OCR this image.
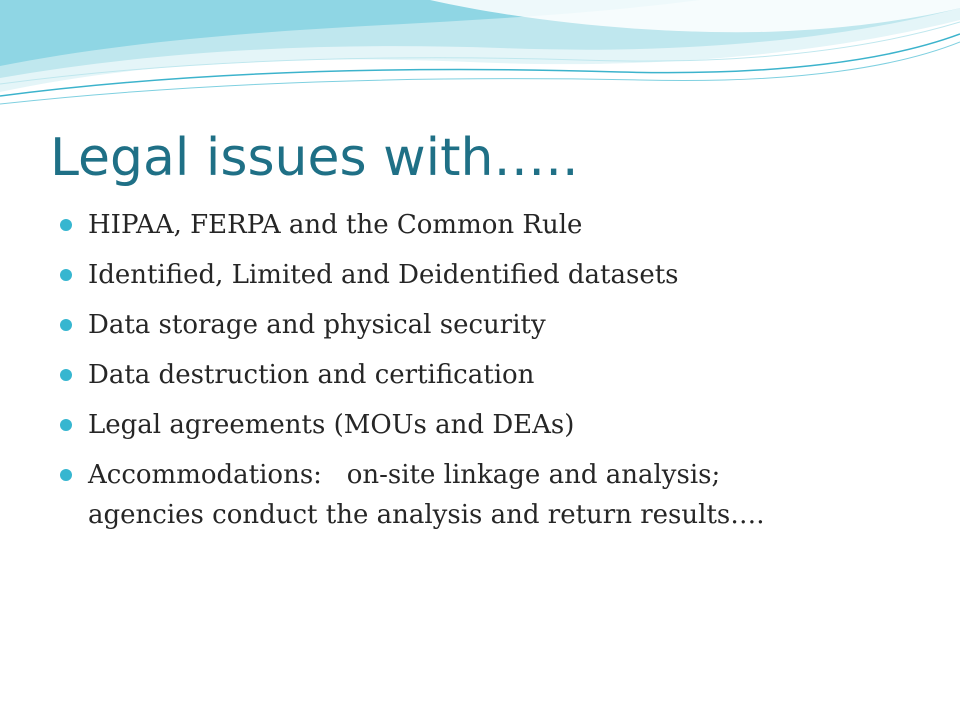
Legal issues with…..
HIPAA, FERPA and the Common Rule
Identified, Limited and Deidentified datasets
Data storage and physical security
Data destruction and certification
Legal agreements (MOUs and DEAs)
Accommodations:   on-site linkage and analysis;
agencies conduct the analysis and return results….
